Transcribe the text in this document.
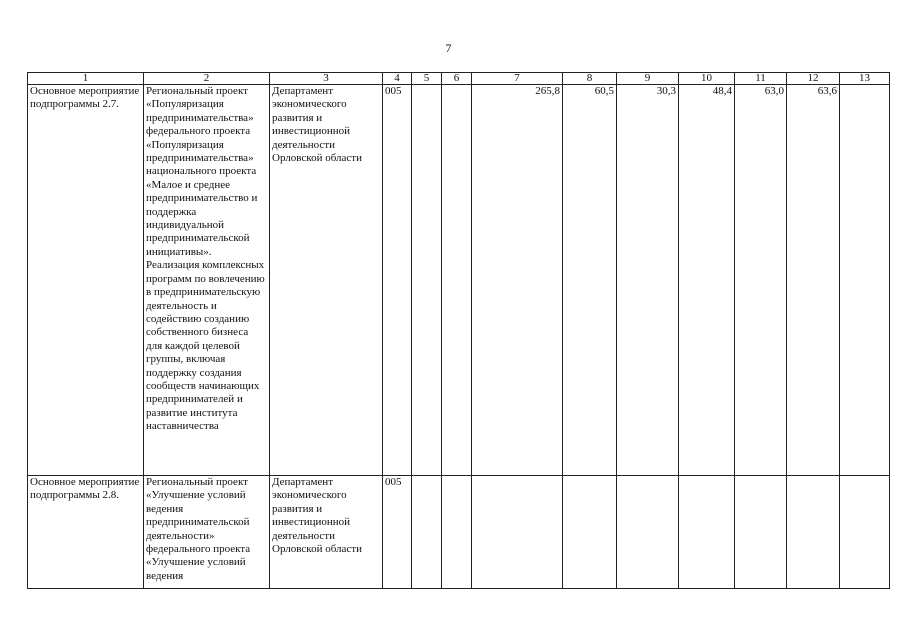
7
1	2	3	4	5	6	7	8	9	10	11	12	13
Основное мероприятие подпрограммы 2.7.	Региональный проект «Популяризация предпринимательства» федерального проекта «Популяризация предпринимательства» национального проекта «Малое и среднее предпринимательство и поддержка индивидуальной предпринимательской инициативы». Реализация комплексных программ по вовлечению в предпринимательскую деятельность и содействию созданию собственного бизнеса для каждой целевой группы, включая поддержку создания сообществ начинающих предпринимателей и развитие института наставничества	Департамент экономического развития и инвестиционной деятельности Орловской области	005			265,8	60,5	30,3	48,4	63,0	63,6	
Основное мероприятие подпрограммы 2.8.	Региональный проект «Улучшение условий ведения предпринимательской деятельности» федерального проекта «Улучшение условий ведения	Департамент экономического развития и инвестиционной деятельности Орловской области	005									
